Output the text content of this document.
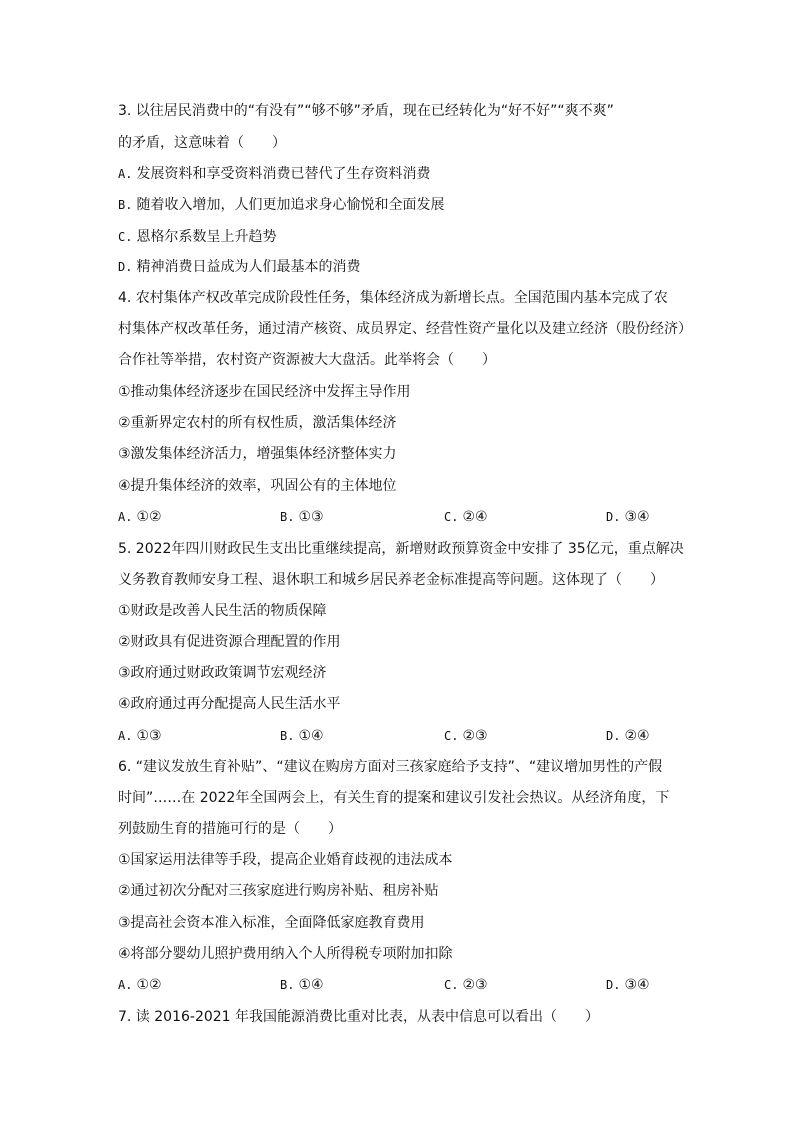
3. 以往居民消费中的“有没有”“够不够”矛盾，现在已经转化为“好不好”“爽不爽”
的矛盾，这意味着（　　）
A. 发展资料和享受资料消费已替代了生存资料消费
B. 随着收入增加，人们更加追求身心愉悦和全面发展
C. 恩格尔系数呈上升趋势
D. 精神消费日益成为人们最基本的消费
4. 农村集体产权改革完成阶段性任务，集体经济成为新增长点。全国范围内基本完成了农
村集体产权改革任务，通过清产核资、成员界定、经营性资产量化以及建立经济（股份经济）
合作社等举措，农村资产资源被大大盘活。此举将会（　　）
①推动集体经济逐步在国民经济中发挥主导作用
②重新界定农村的所有权性质，激活集体经济
③激发集体经济活力，增强集体经济整体实力
④提升集体经济的效率，巩固公有的主体地位
A. ①②	B. ①③	C. ②④	D. ③④
5. 2022年四川财政民生支出比重继续提高，新增财政预算资金中安排了 35亿元，重点解决
义务教育教师安身工程、退休职工和城乡居民养老金标准提高等问题。这体现了（　　）
①财政是改善人民生活的物质保障
②财政具有促进资源合理配置的作用
③政府通过财政政策调节宏观经济
④政府通过再分配提高人民生活水平
A. ①③	B. ①④	C. ②③	D. ②④
6. “建议发放生育补贴”、“建议在购房方面对三孩家庭给予支持”、“建议增加男性的产假
时间”……在 2022年全国两会上，有关生育的提案和建议引发社会热议。从经济角度，下
列鼓励生育的措施可行的是（　　）
①国家运用法律等手段，提高企业婚育歧视的违法成本
②通过初次分配对三孩家庭进行购房补贴、租房补贴
③提高社会资本准入标准，全面降低家庭教育费用
④将部分婴幼儿照护费用纳入个人所得税专项附加扣除
A. ①②	B. ①④	C. ②③	D. ③④
7. 读 2016-2021 年我国能源消费比重对比表，从表中信息可以看出（　　）
